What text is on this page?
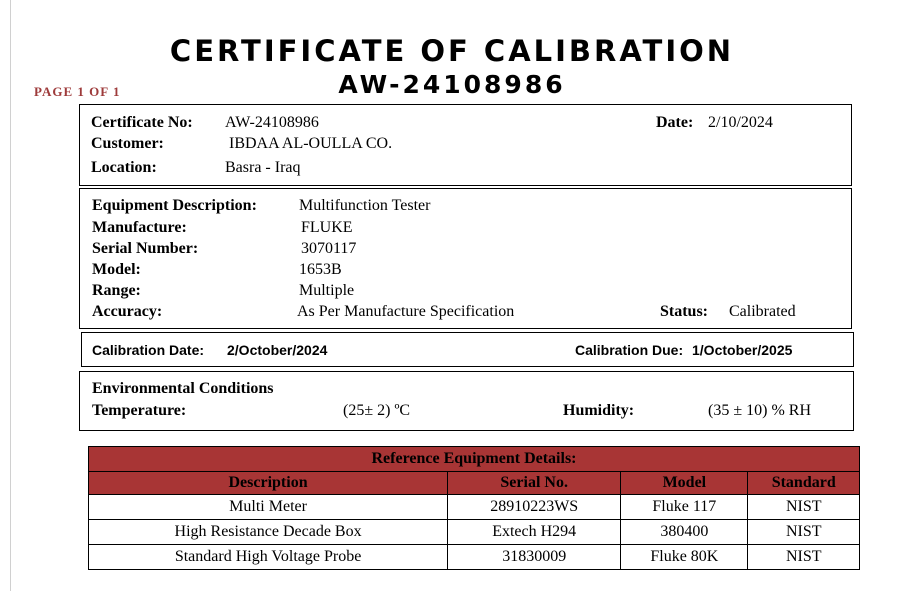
CERTIFICATE OF CALIBRATION
AW-24108986
PAGE 1 OF 1
Certificate No: AW-24108986	Date: 2/10/2024
Customer:	IBDAA AL-OULLA CO.
Location:	Basra - Iraq
Equipment Description:	Multifunction Tester
Manufacture:	FLUKE
Serial Number:	3070117
Model:	1653B
Range:	Multiple
Accuracy:	As Per Manufacture Specification	Status: Calibrated
Calibration Date: 2/October/2024	Calibration Due: 1/October/2025
Environmental Conditions
Temperature:	(25± 2) ºC	Humidity:	(35 ± 10) % RH
Reference Equipment Details:			
Description	Serial No.	Model	Standard
Multi Meter	28910223WS	Fluke 117	NIST
High Resistance Decade Box	Extech H294	380400	NIST
Standard High Voltage Probe	31830009	Fluke 80K	NIST
